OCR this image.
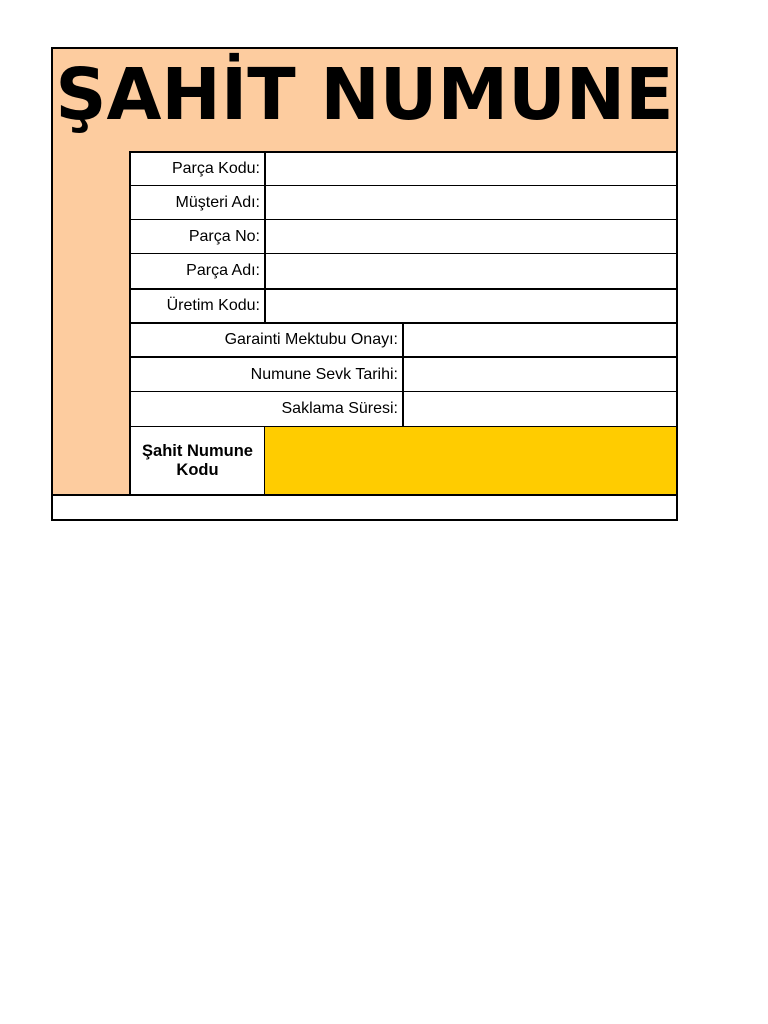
ŞAHİT NUMUNE
Parça Kodu:
Müşteri Adı:
Parça No:
Parça Adı:
Üretim Kodu:
Garainti Mektubu Onayı:
Numune Sevk Tarihi:
Saklama Süresi:
Şahit Numune Kodu
